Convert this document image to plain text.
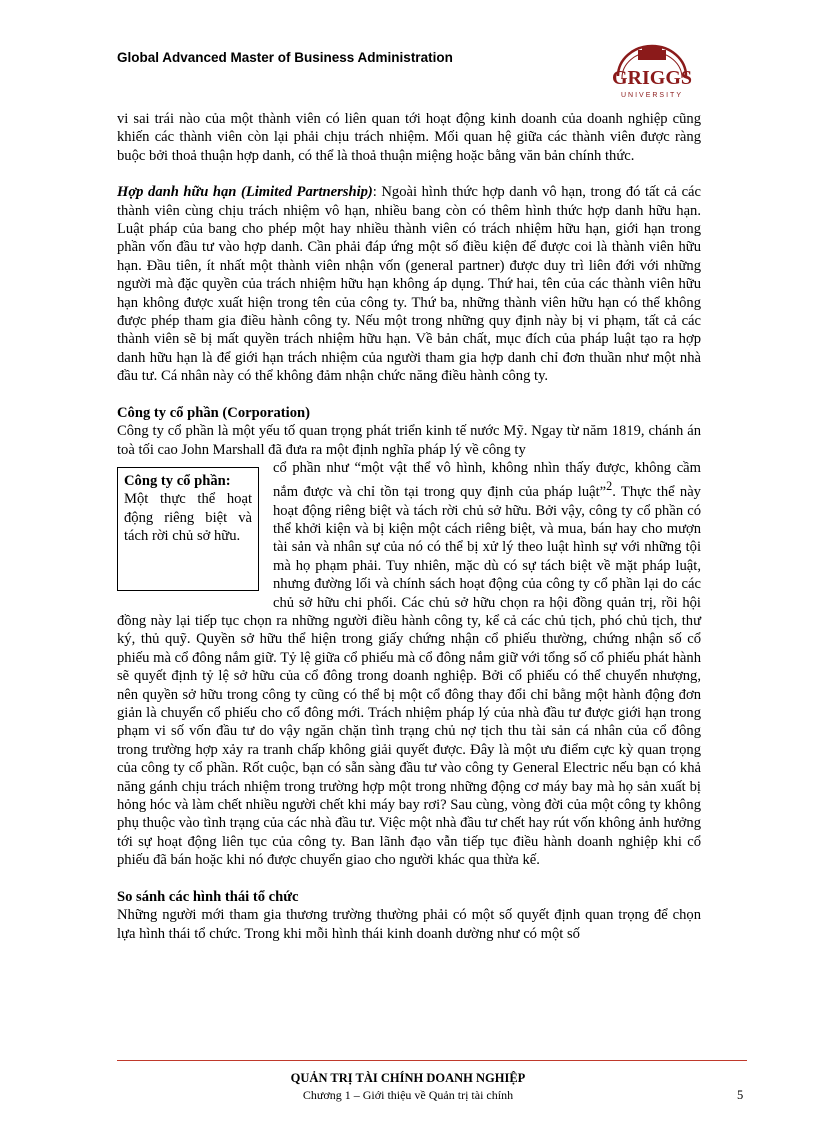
Global Advanced Master of Business Administration
GRIGGS
UNIVERSITY

vi sai trái nào của một thành viên có liên quan tới hoạt động kinh doanh của doanh nghiệp cũng khiến các thành viên còn lại phải chịu trách nhiệm. Mối quan hệ giữa các thành viên được ràng buộc bởi thoả thuận hợp danh, có thể là thoả thuận miệng hoặc bằng văn bản chính thức.

Hợp danh hữu hạn (Limited Partnership): Ngoài hình thức hợp danh vô hạn, trong đó tất cả các thành viên cùng chịu trách nhiệm vô hạn, nhiều bang còn có thêm hình thức hợp danh hữu hạn. Luật pháp của bang cho phép một hay nhiều thành viên có trách nhiệm hữu hạn, giới hạn trong phần vốn đầu tư vào hợp danh. Cần phải đáp ứng một số điều kiện để được coi là thành viên hữu hạn. Đầu tiên, ít nhất một thành viên nhận vốn (general partner) được duy trì liên đới với những người mà đặc quyền của trách nhiệm hữu hạn không áp dụng. Thứ hai, tên của các thành viên hữu hạn không được xuất hiện trong tên của công ty. Thứ ba, những thành viên hữu hạn có thể không được phép tham gia điều hành công ty. Nếu một trong những quy định này bị vi phạm, tất cả các thành viên sẽ bị mất quyền trách nhiệm hữu hạn. Về bản chất, mục đích của pháp luật tạo ra hợp danh hữu hạn là để giới hạn trách nhiệm của người tham gia hợp danh chỉ đơn thuần như một nhà đầu tư. Cá nhân này có thể không đảm nhận chức năng điều hành công ty.

Công ty cổ phần (Corporation)

Công ty cổ phần là một yếu tố quan trọng phát triển kinh tế nước Mỹ. Ngay từ năm 1819, chánh án toà tối cao John Marshall đã đưa ra một định nghĩa pháp lý về công ty

Công ty cổ phần:
Một thực thể hoạt động riêng biệt và tách rời chủ sở hữu.

cổ phần như “một vật thể vô hình, không nhìn thấy được, không cầm nắm được và chỉ tồn tại trong quy định của pháp luật”$^2$. Thực thể này hoạt động riêng biệt và tách rời chủ sở hữu. Bởi vậy, công ty cổ phần có thể khởi kiện và bị kiện một cách riêng biệt, và mua, bán hay cho mượn tài sản và nhân sự của nó có thể bị xử lý theo luật hình sự với những tội mà họ phạm phải. Tuy nhiên, mặc dù có sự tách biệt về mặt pháp luật, nhưng đường lối và chính sách hoạt động của công ty cổ phần lại do các chủ sở hữu chi phối. Các chủ sở hữu chọn ra hội đồng quản trị, rồi hội đồng này lại tiếp tục chọn ra những người điều hành công ty, kể cả các chủ tịch, phó chủ tịch, thư ký, thủ quỹ. Quyền sở hữu thể hiện trong giấy chứng nhận cổ phiếu thường, chứng nhận số cổ phiếu mà cổ đông nắm giữ. Tỷ lệ giữa cổ phiếu mà cổ đông nắm giữ với tổng số cổ phiếu phát hành sẽ quyết định tỷ lệ sở hữu của cổ đông trong doanh nghiệp. Bởi cổ phiếu có thể chuyển nhượng, nên quyền sở hữu trong công ty cũng có thể bị một cổ đông thay đổi chỉ bằng một hành động đơn giản là chuyển cổ phiếu cho cổ đông mới. Trách nhiệm pháp lý của nhà đầu tư được giới hạn trong phạm vi số vốn đầu tư do vậy ngăn chặn tình trạng chủ nợ tịch thu tài sản cá nhân của cổ đông trong trường hợp xảy ra tranh chấp không giải quyết được. Đây là một ưu điểm cực kỳ quan trọng của công ty cổ phần. Rốt cuộc, bạn có sẵn sàng đầu tư vào công ty General Electric nếu bạn có khả năng gánh chịu trách nhiệm trong trường hợp một trong những động cơ máy bay mà họ sản xuất bị hỏng hóc và làm chết nhiều người chết khi máy bay rơi? Sau cùng, vòng đời của một công ty không phụ thuộc vào tình trạng của các nhà đầu tư. Việc một nhà đầu tư chết hay rút vốn không ảnh hưởng tới sự hoạt động liên tục của công ty. Ban lãnh đạo vẫn tiếp tục điều hành doanh nghiệp khi cổ phiếu đã bán hoặc khi nó được chuyển giao cho người khác qua thừa kế.

So sánh các hình thái tổ chức

Những người mới tham gia thương trường thường phải có một số quyết định quan trọng để chọn lựa hình thái tổ chức. Trong khi mỗi hình thái kinh doanh dường như có một số

QUẢN TRỊ TÀI CHÍNH DOANH NGHIỆP
Chương 1 – Giới thiệu về Quản trị tài chính	5
